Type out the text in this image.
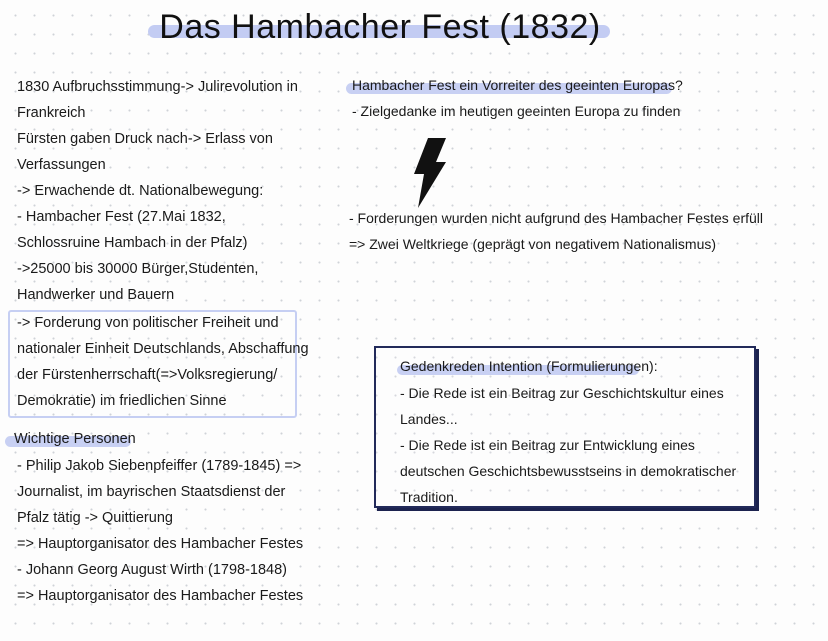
Das Hambacher Fest (1832)
1830 Aufbruchsstimmung-> Julirevolution in
Frankreich
Fürsten gaben Druck nach-> Erlass von
Verfassungen
-> Erwachende dt. Nationalbewegung:
- Hambacher Fest (27.Mai 1832,
Schlossruine Hambach in der Pfalz)
->25000 bis 30000 Bürger,Studenten,
Handwerker und Bauern
-> Forderung von politischer Freiheit und
nationaler Einheit Deutschlands, Abschaffung
der Fürstenherrschaft(=>Volksregierung/
Demokratie) im friedlichen Sinne
Wichtige Personen
- Philip Jakob Siebenpfeiffer (1789-1845) =>
Journalist, im bayrischen Staatsdienst der
Pfalz tätig -> Quittierung
=> Hauptorganisator des Hambacher Festes
- Johann Georg August Wirth (1798-1848)
=> Hauptorganisator des Hambacher Festes
Hambacher Fest ein Vorreiter des geeinten Europas?
- Zielgedanke im heutigen geeinten Europa zu finden
- Forderungen wurden nicht aufgrund des Hambacher Festes erfüll
=> Zwei Weltkriege (geprägt von negativem Nationalismus)
Gedenkreden Intention (Formulierungen):
- Die Rede ist ein Beitrag zur Geschichtskultur eines
Landes...
- Die Rede ist ein Beitrag zur Entwicklung eines
deutschen Geschichtsbewusstseins in demokratischer
Tradition.
